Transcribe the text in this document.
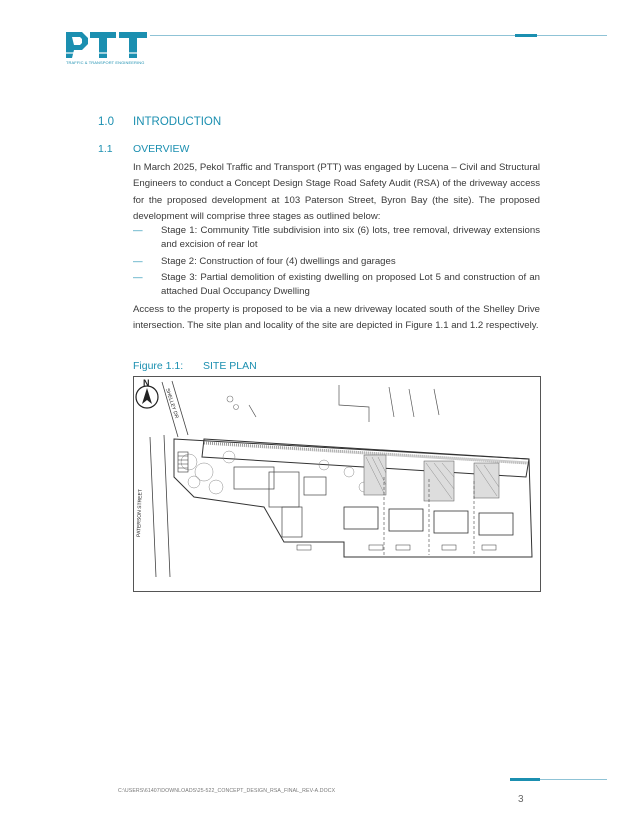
TRAFFIC & TRANSPORT ENGINEERING
1.0 INTRODUCTION
1.1 OVERVIEW
In March 2025, Pekol Traffic and Transport (PTT) was engaged by Lucena – Civil and Structural Engineers to conduct a Concept Design Stage Road Safety Audit (RSA) of the driveway access for the proposed development at 103 Paterson Street, Byron Bay (the site). The proposed development will comprise three stages as outlined below:
— Stage 1: Community Title subdivision into six (6) lots, tree removal, driveway extensions and excision of rear lot
— Stage 2: Construction of four (4) dwellings and garages
— Stage 3: Partial demolition of existing dwelling on proposed Lot 5 and construction of an attached Dual Occupancy Dwelling
Access to the property is proposed to be via a new driveway located south of the Shelley Drive intersection. The site plan and locality of the site are depicted in Figure 1.1 and 1.2 respectively.
Figure 1.1: SITE PLAN
N
SHELLEY DR
PATERSON STREET
C:\USERS\61407\DOWNLOADS\25-522_CONCEPT_DESIGN_RSA_FINAL_REV-A.DOCX
3
